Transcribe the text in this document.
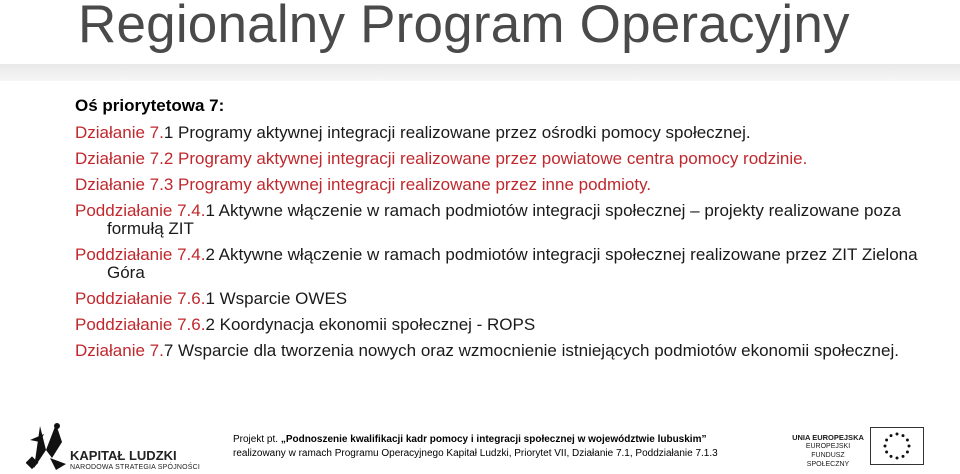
Regionalny Program Operacyjny
Oś priorytetowa 7:
Działanie 7.1 Programy aktywnej integracji realizowane przez ośrodki pomocy społecznej.
Działanie 7.2 Programy aktywnej integracji realizowane przez powiatowe centra pomocy rodzinie.
Działanie 7.3 Programy aktywnej integracji realizowane przez inne podmioty.
Poddziałanie 7.4.1 Aktywne włączenie w ramach podmiotów integracji społecznej – projekty realizowane poza formułą ZIT
Poddziałanie 7.4.2 Aktywne włączenie w ramach podmiotów integracji społecznej realizowane przez ZIT Zielona Góra
Poddziałanie 7.6.1 Wsparcie OWES
Poddziałanie 7.6.2 Koordynacja ekonomii społecznej - ROPS
Działanie 7.7 Wsparcie dla tworzenia nowych oraz wzmocnienie istniejących podmiotów ekonomii społecznej.
KAPITAŁ LUDZKI
NARODOWA STRATEGIA SPÓJNOŚCI
Projekt pt. „Podnoszenie kwalifikacji kadr pomocy i integracji społecznej w województwie lubuskim”
realizowany w ramach Programu Operacyjnego Kapitał Ludzki, Priorytet VII, Działanie 7.1, Poddziałanie 7.1.3
UNIA EUROPEJSKA
EUROPEJSKI
FUNDUSZ SPOŁECZNY
